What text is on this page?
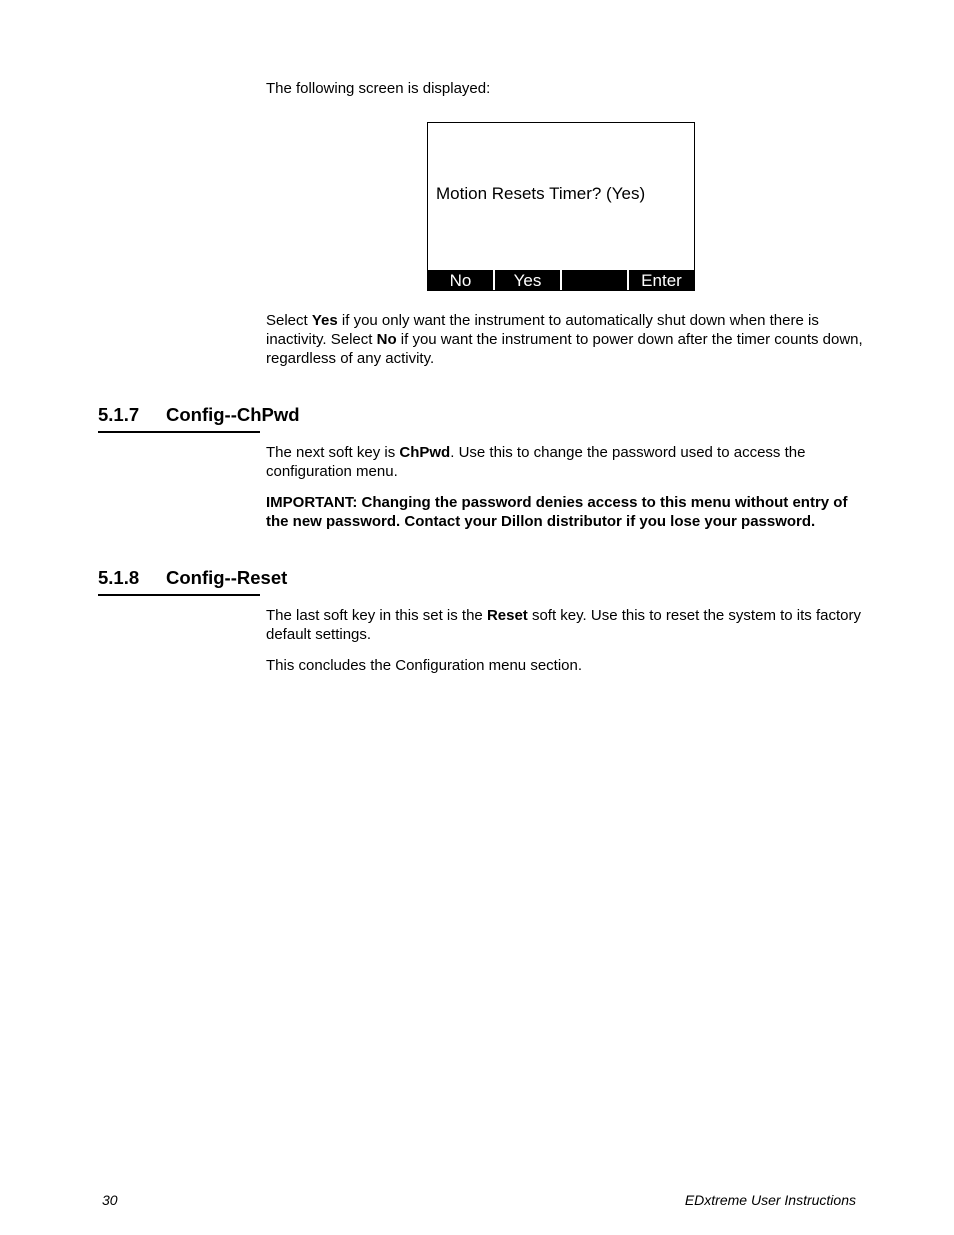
The following screen is displayed:

Motion Resets Timer? (Yes)
No	Yes	Enter

Select Yes if you only want the instrument to automatically shut down when there is inactivity. Select No if you want the instrument to power down after the timer counts down, regardless of any activity.

5.1.7 Config--ChPwd

The next soft key is ChPwd. Use this to change the password used to access the configuration menu.

IMPORTANT: Changing the password denies access to this menu without entry of the new password. Contact your Dillon distributor if you lose your password.

5.1.8 Config--Reset

The last soft key in this set is the Reset soft key. Use this to reset the system to its factory default settings.

This concludes the Configuration menu section.

30	EDxtreme User Instructions
